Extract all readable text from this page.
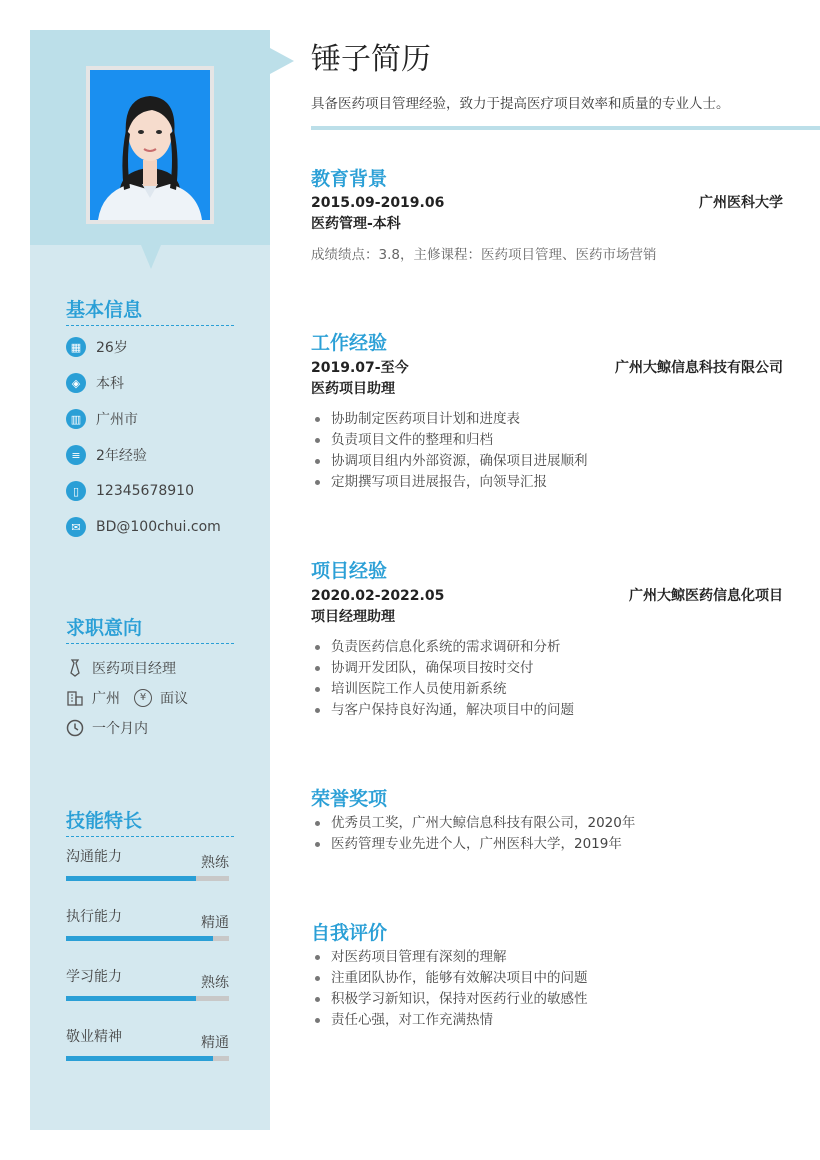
基本信息
▦	26岁
◈	本科
▥	广州市
≡	2年经验
▯	12345678910
✉	BD@100chui.com
求职意向
医药项目经理
广州	¥ 面议
一个月内
技能特长
沟通能力	熟练
执行能力	精通
学习能力	熟练
敬业精神	精通
锤子简历
具备医药项目管理经验，致力于提高医疗项目效率和质量的专业人士。
教育背景
2015.09-2019.06	广州医科大学
医药管理-本科
成绩绩点：3.8，主修课程：医药项目管理、医药市场营销
工作经验
2019.07-至今	广州大鲸信息科技有限公司
医药项目助理
协助制定医药项目计划和进度表
负责项目文件的整理和归档
协调项目组内外部资源，确保项目进展顺利
定期撰写项目进展报告，向领导汇报
项目经验
2020.02-2022.05	广州大鲸医药信息化项目
项目经理助理
负责医药信息化系统的需求调研和分析
协调开发团队，确保项目按时交付
培训医院工作人员使用新系统
与客户保持良好沟通，解决项目中的问题
荣誉奖项
优秀员工奖，广州大鲸信息科技有限公司，2020年
医药管理专业先进个人，广州医科大学，2019年
自我评价
对医药项目管理有深刻的理解
注重团队协作，能够有效解决项目中的问题
积极学习新知识，保持对医药行业的敏感性
责任心强，对工作充满热情
